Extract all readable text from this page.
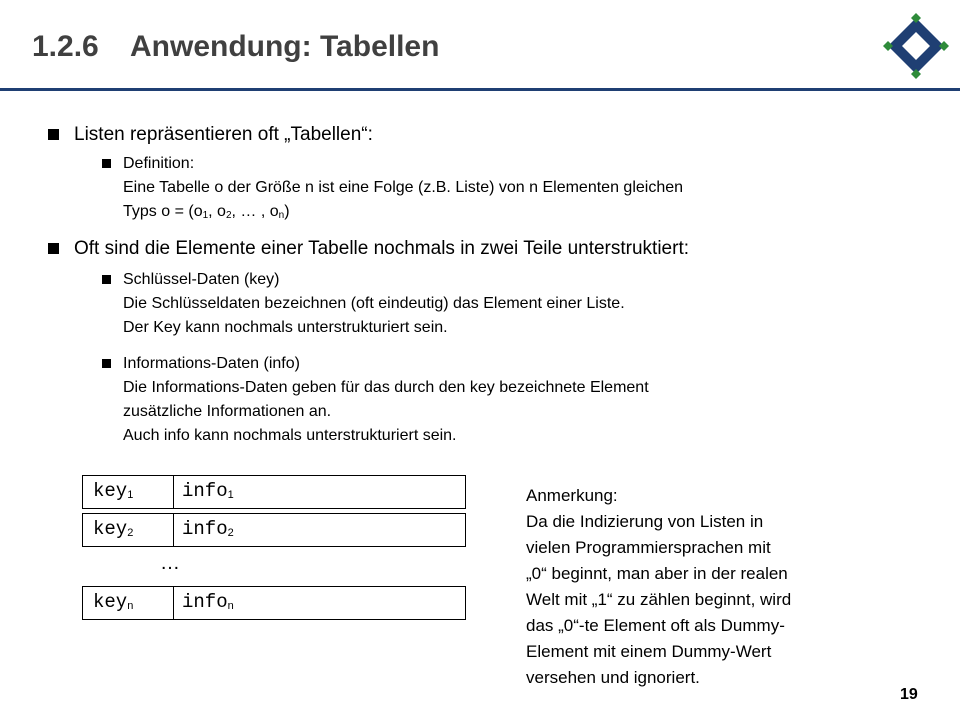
1.2.6 Anwendung: Tabellen
Listen repräsentieren oft „Tabellen“:
Definition:
Eine Tabelle o der Größe n ist eine Folge (z.B. Liste) von n Elementen gleichen
Typs $o = (o_1$, $o_2$, … , $o_n$)
Oft sind die Elemente einer Tabelle nochmals in zwei Teile unterstruktiert:
Schlüssel-Daten (key)
Die Schlüsseldaten bezeichnen (oft eindeutig) das Element einer Liste.
Der Key kann nochmals unterstrukturiert sein.
Informations-Daten (info)
Die Informations-Daten geben für das durch den key bezeichnete Element
zusätzliche Informationen an.
Auch info kann nochmals unterstrukturiert sein.
key$_1$	info$_1$
key$_2$	info$_2$
…
key$_n$	info$_n$
Anmerkung:
Da die Indizierung von Listen in
vielen Programmiersprachen mit
„0“ beginnt, man aber in der realen
Welt mit „1“ zu zählen beginnt, wird
das „0“-te Element oft als Dummy-
Element mit einem Dummy-Wert
versehen und ignoriert.
19
